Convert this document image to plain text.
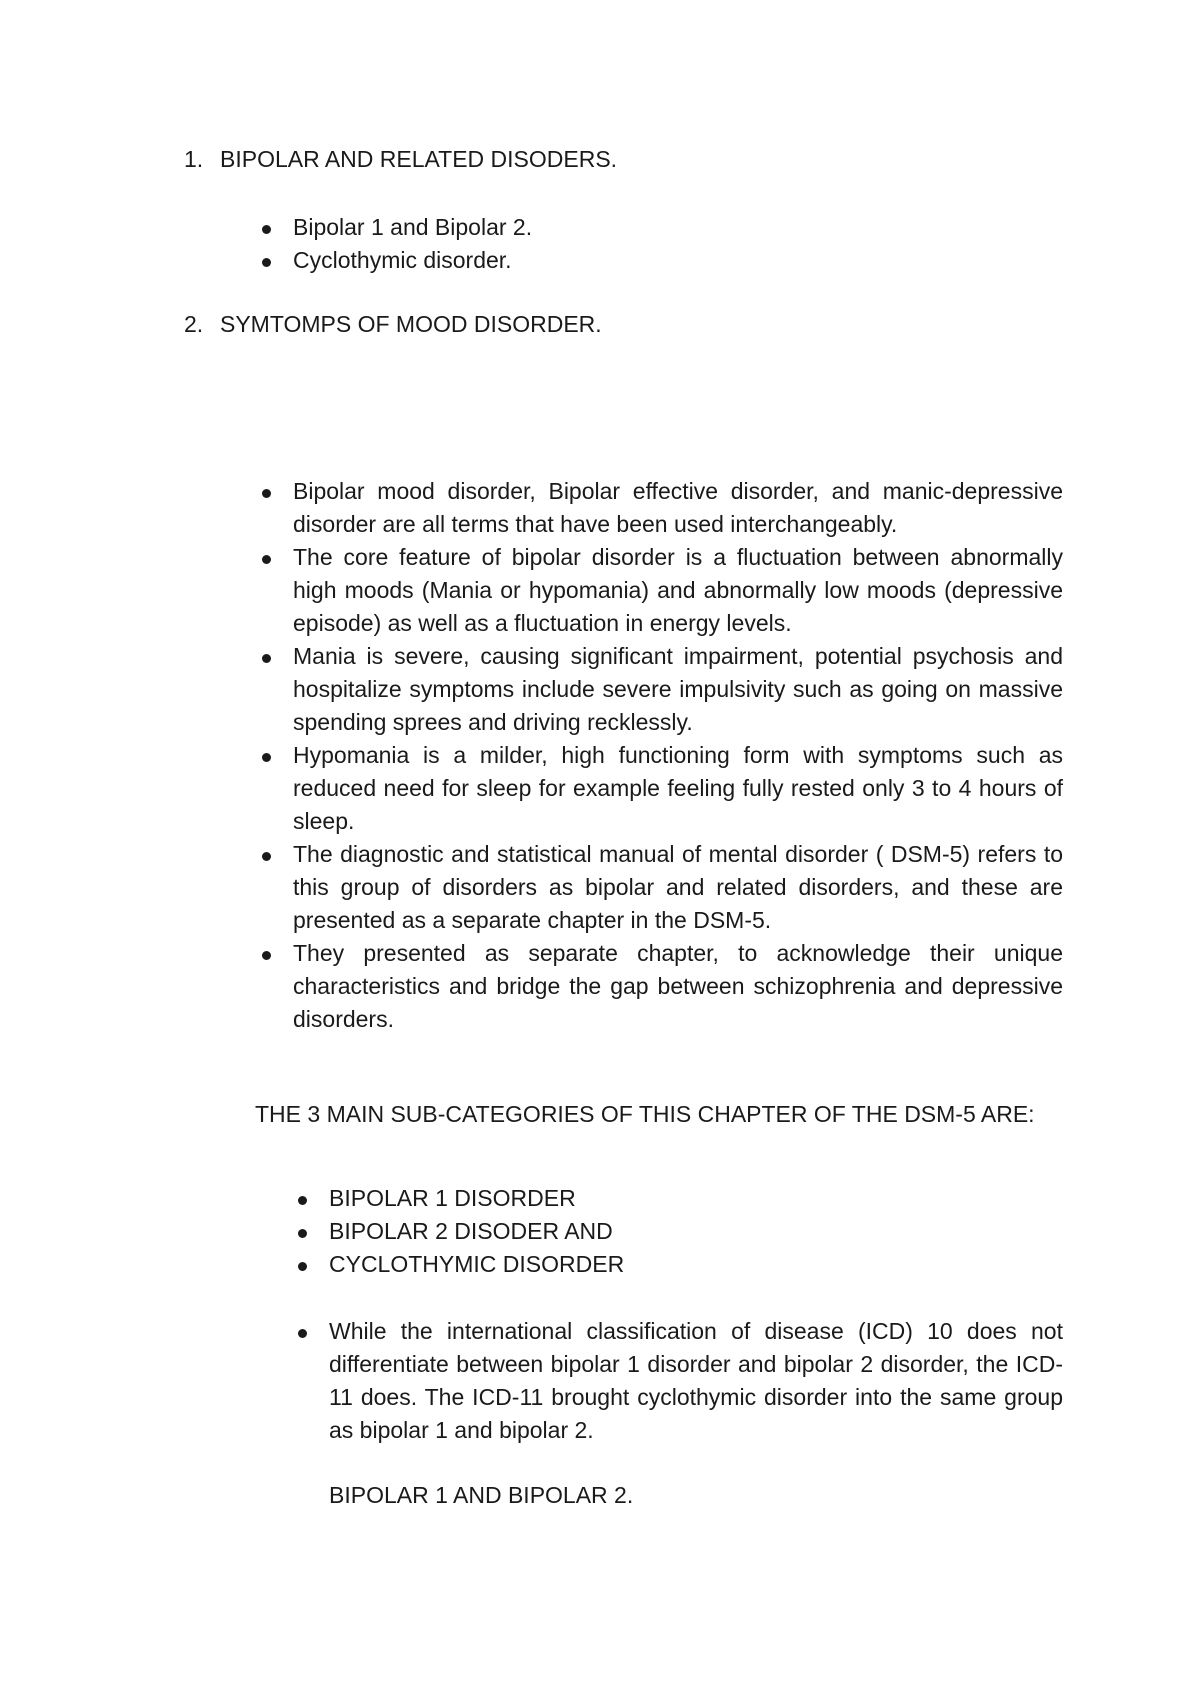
1. BIPOLAR AND RELATED DISODERS.
Bipolar 1 and Bipolar 2.
Cyclothymic disorder.
2. SYMTOMPS OF MOOD DISORDER.
Bipolar mood disorder, Bipolar effective disorder, and manic-depressive disorder are all terms that have been used interchangeably.
The core feature of bipolar disorder is a fluctuation between abnormally high moods (Mania or hypomania) and abnormally low moods (depressive episode) as well as a fluctuation in energy levels.
Mania is severe, causing significant impairment, potential psychosis and hospitalize symptoms include severe impulsivity such as going on massive spending sprees and driving recklessly.
Hypomania is a milder, high functioning form with symptoms such as reduced need for sleep for example feeling fully rested only 3 to 4 hours of sleep.
The diagnostic and statistical manual of mental disorder ( DSM-5) refers to this group of disorders as bipolar and related disorders, and these are presented as a separate chapter in the DSM-5.
They presented as separate chapter, to acknowledge their unique characteristics and bridge the gap between schizophrenia and depressive disorders.

THE 3 MAIN SUB-CATEGORIES OF THIS CHAPTER OF THE DSM-5 ARE:

BIPOLAR 1 DISORDER
BIPOLAR 2 DISODER AND
CYCLOTHYMIC DISORDER
While the international classification of disease (ICD) 10 does not differentiate between bipolar 1 disorder and bipolar 2 disorder, the ICD-11 does. The ICD-11 brought cyclothymic disorder into the same group as bipolar 1 and bipolar 2.

BIPOLAR 1 AND BIPOLAR 2.
